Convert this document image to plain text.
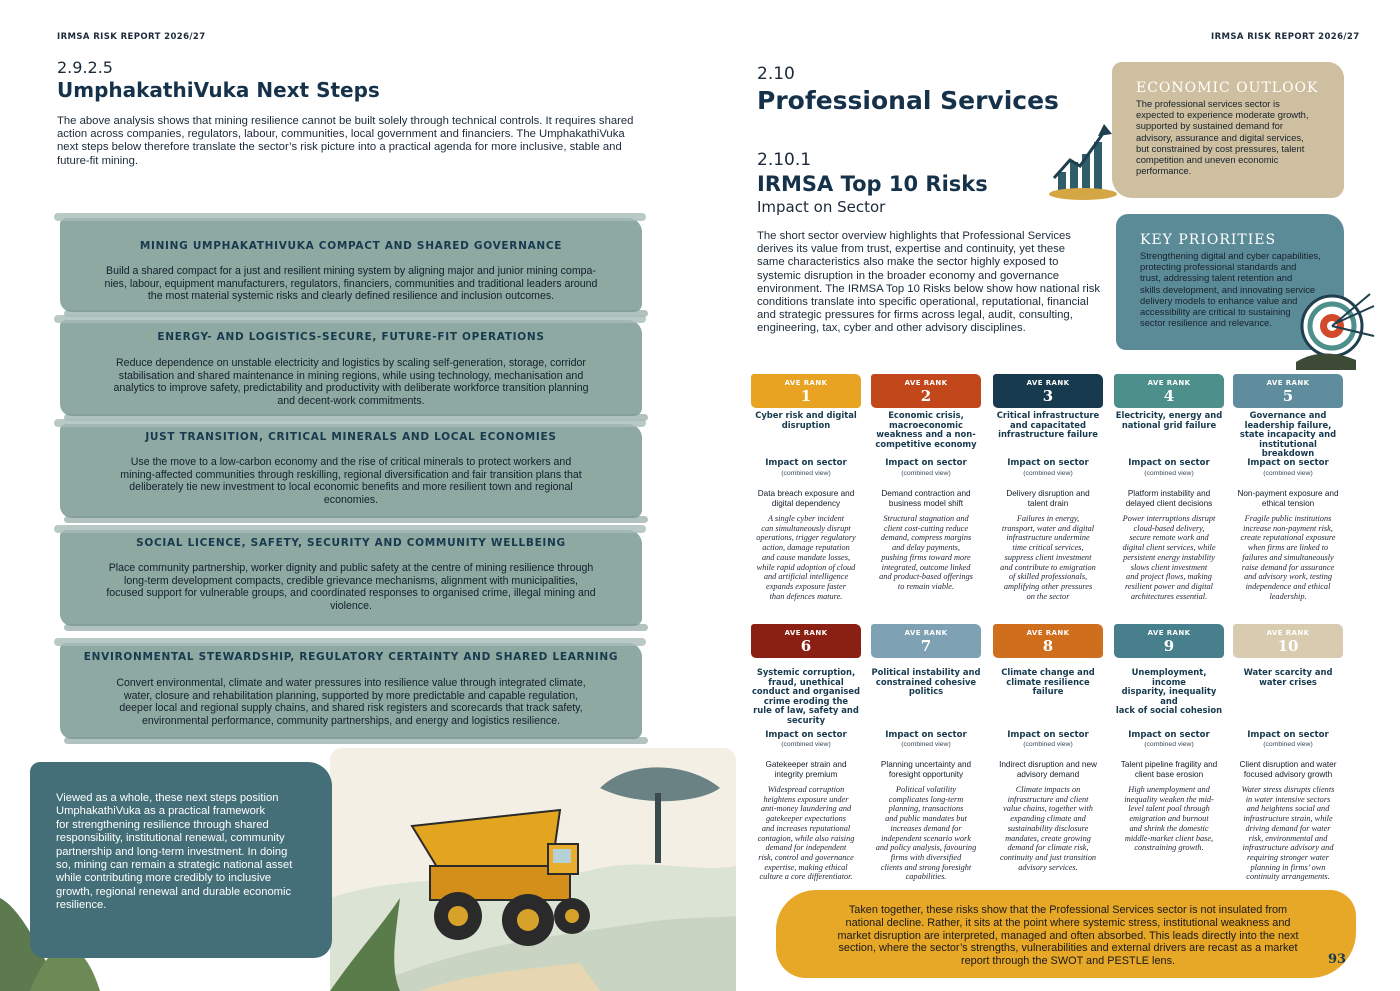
IRMSA RISK REPORT 2026/27
2.9.2.5
UmphakathiVuka Next Steps
The above analysis shows that mining resilience cannot be built solely through technical controls. It requires shared
action across companies, regulators, labour, communities, local government and financiers. The UmphakathiVuka
next steps below therefore translate the sector’s risk picture into a practical agenda for more inclusive, stable and
future-fit mining.
MINING UMPHAKATHIVUKA COMPACT AND SHARED GOVERNANCE
Build a shared compact for a just and resilient mining system by aligning major and junior mining compa-
nies, labour, equipment manufacturers, regulators, financiers, communities and traditional leaders around
the most material systemic risks and clearly defined resilience and inclusion outcomes.
ENERGY- AND LOGISTICS-SECURE, FUTURE-FIT OPERATIONS
Reduce dependence on unstable electricity and logistics by scaling self-generation, storage, corridor
stabilisation and shared maintenance in mining regions, while using technology, mechanisation and
analytics to improve safety, predictability and productivity with deliberate workforce transition planning
and decent-work commitments.
JUST TRANSITION, CRITICAL MINERALS AND LOCAL ECONOMIES
Use the move to a low-carbon economy and the rise of critical minerals to protect workers and
mining-affected communities through reskilling, regional diversification and fair transition plans that
deliberately tie new investment to local economic benefits and more resilient town and regional
economies.
SOCIAL LICENCE, SAFETY, SECURITY AND COMMUNITY WELLBEING
Place community partnership, worker dignity and public safety at the centre of mining resilience through
long-term development compacts, credible grievance mechanisms, alignment with municipalities,
focused support for vulnerable groups, and coordinated responses to organised crime, illegal mining and
violence.
ENVIRONMENTAL STEWARDSHIP, REGULATORY CERTAINTY AND SHARED LEARNING
Convert environmental, climate and water pressures into resilience value through integrated climate,
water, closure and rehabilitation planning, supported by more predictable and capable regulation,
deeper local and regional supply chains, and shared risk registers and scorecards that track safety,
environmental performance, community partnerships, and energy and logistics resilience.
Viewed as a whole, these next steps position
UmphakathiVuka as a practical framework
for strengthening resilience through shared
responsibility, institutional renewal, community
partnership and long-term investment. In doing
so, mining can remain a strategic national asset
while contributing more credibly to inclusive
growth, regional renewal and durable economic
resilience.
IRMSA RISK REPORT 2026/27
2.10
Professional Services
2.10.1
IRMSA Top 10 Risks
Impact on Sector
The short sector overview highlights that Professional Services
derives its value from trust, expertise and continuity, yet these
same characteristics also make the sector highly exposed to
systemic disruption in the broader economy and governance
environment. The IRMSA Top 10 Risks below show how national risk
conditions translate into specific operational, reputational, financial
and strategic pressures for firms across legal, audit, consulting,
engineering, tax, cyber and other advisory disciplines.
ECONOMIC OUTLOOK
The professional services sector is
expected to experience moderate growth,
supported by sustained demand for
advisory, assurance and digital services,
but constrained by cost pressures, talent
competition and uneven economic
performance.
KEY PRIORITIES
Strengthening digital and cyber capabilities,
protecting professional standards and
trust, addressing talent retention and
skills development, and innovating service
delivery models to enhance value and
accessibility are critical to sustaining
sector resilience and relevance.
AVE RANK
1
Cyber risk and digital
disruption
Impact on sector
(combined view)
Data breach exposure and
digital dependency
A single cyber incident
can simultaneously disrupt
operations, trigger regulatory
action, damage reputation
and cause mandate losses,
while rapid adoption of cloud
and artificial intelligence
expands exposure faster
than defences mature.
AVE RANK
2
Economic crisis,
macroeconomic
weakness and a non-
competitive economy
Impact on sector
(combined view)
Demand contraction and
business model shift
Structural stagnation and
client cost-cutting reduce
demand, compress margins
and delay payments,
pushing firms toward more
integrated, outcome linked
and product-based offerings
to remain viable.
AVE RANK
3
Critical infrastructure
and capacitated
infrastructure failure
Impact on sector
(combined view)
Delivery disruption and
talent drain
Failures in energy,
transport, water and digital
infrastructure undermine
time critical services,
suppress client investment
and contribute to emigration
of skilled professionals,
amplifying other pressures
on the sector
AVE RANK
4
Electricity, energy and
national grid failure
Impact on sector
(combined view)
Platform instability and
delayed client decisions
Power interruptions disrupt
cloud-based delivery,
secure remote work and
digital client services, while
persistent energy instability
slows client investment
and project flows, making
resilient power and digital
architectures essential.
AVE RANK
5
Governance and
leadership failure,
state incapacity and
institutional breakdown
Impact on sector
(combined view)
Non-payment exposure and
ethical tension
Fragile public institutions
increase non-payment risk,
create reputational exposure
when firms are linked to
failures and simultaneously
raise demand for assurance
and advisory work, testing
independence and ethical
leadership.
AVE RANK
6
Systemic corruption,
fraud, unethical
conduct and organised
crime eroding the
rule of law, safety and
security
Impact on sector
(combined view)
Gatekeeper strain and
integrity premium
Widespread corruption
heightens exposure under
anti-money laundering and
gatekeeper expectations
and increases reputational
contagion, while also raising
demand for independent
risk, control and governance
expertise, making ethical
culture a core differentiator.
AVE RANK
7
Political instability and
constrained cohesive
politics
Impact on sector
(combined view)
Planning uncertainty and
foresight opportunity
Political volatility
complicates long-term
planning, transactions
and public mandates but
increases demand for
independent scenario work
and policy analysis, favouring
firms with diversified
clients and strong foresight
capabilities.
AVE RANK
8
Climate change and
climate resilience
failure
Impact on sector
(combined view)
Indirect disruption and new
advisory demand
Climate impacts on
infrastructure and client
value chains, together with
expanding climate and
sustainability disclosure
mandates, create growing
demand for climate risk,
continuity and just transition
advisory services.
AVE RANK
9
Unemployment, income
disparity, inequality and
lack of social cohesion
Impact on sector
(combined view)
Talent pipeline fragility and
client base erosion
High unemployment and
inequality weaken the mid-
level talent pool through
emigration and burnout
and shrink the domestic
middle-market client base,
constraining growth.
AVE RANK
10
Water scarcity and
water crises
Impact on sector
(combined view)
Client disruption and water
focused advisory growth
Water stress disrupts clients
in water intensive sectors
and heightens social and
infrastructure strain, while
driving demand for water
risk, environmental and
infrastructure advisory and
requiring stronger water
planning in firms’ own
continuity arrangements.
Taken together, these risks show that the Professional Services sector is not insulated from
national decline. Rather, it sits at the point where systemic stress, institutional weakness and
market disruption are interpreted, managed and often absorbed. This leads directly into the next
section, where the sector’s strengths, vulnerabilities and external drivers are recast as a market
report through the SWOT and PESTLE lens.	93
